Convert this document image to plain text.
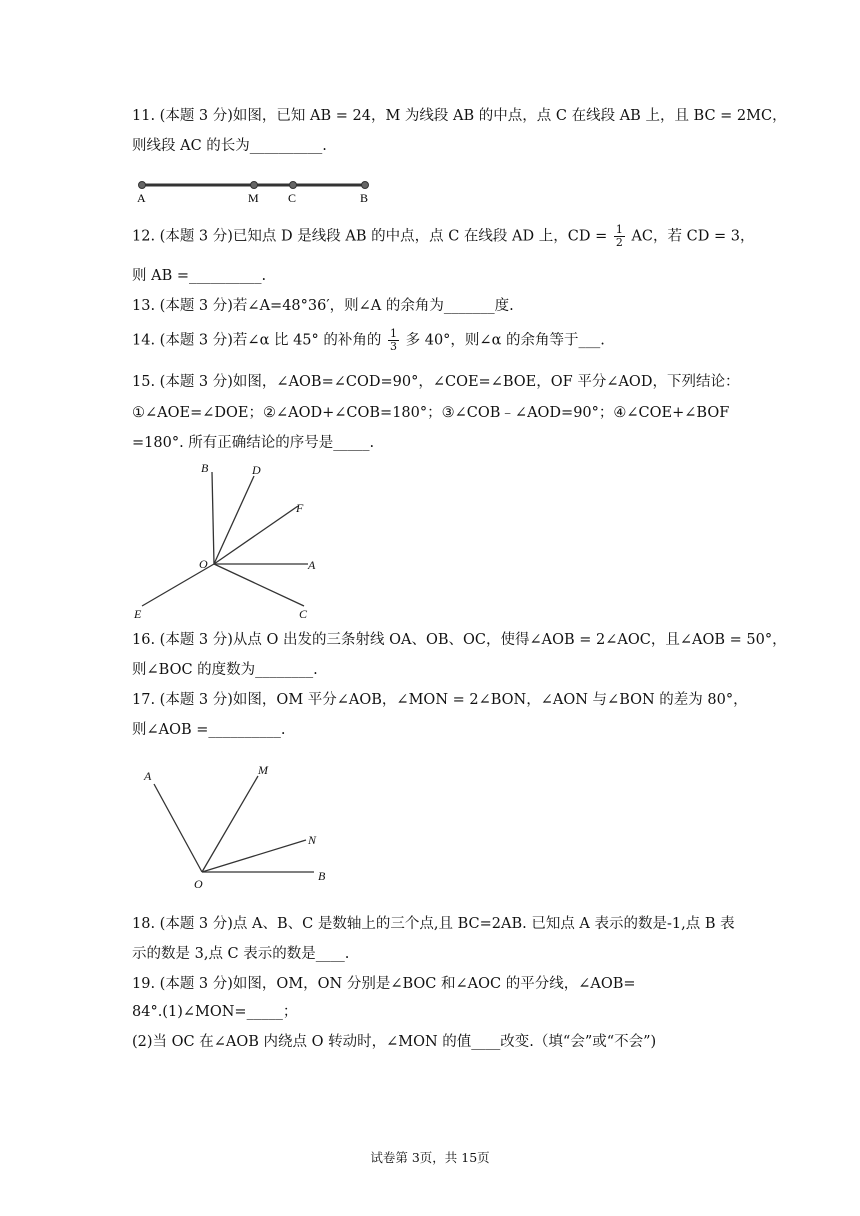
11. (本题 3 分)如图，已知 AB = 24，M 为线段 AB 的中点，点 C 在线段 AB 上，且 BC = 2MC，
则线段 AC 的长为__________.
A	M C	B
12. (本题 3 分)已知点 D 是线段 AB 的中点，点 C 在线段 AD 上，CD = $\frac{1}{2}$ AC，若 CD = 3，
则 AB =__________.
13. (本题 3 分)若∠A=48°36′，则∠A 的余角为_______度.
14. (本题 3 分)若∠α 比 45° 的补角的 $\frac{1}{3}$ 多 40°，则∠α 的余角等于___.
15. (本题 3 分)如图，∠AOB=∠COD=90°，∠COE=∠BOE，OF 平分∠AOD，下列结论：
①∠AOE=∠DOE；②∠AOD+∠COB=180°；③∠COB﹣∠AOD=90°；④∠COE+∠BOF
=180°. 所有正确结论的序号是_____.
B	D
F
O	A
E	C
16. (本题 3 分)从点 O 出发的三条射线 OA、OB、OC，使得∠AOB = 2∠AOC，且∠AOB = 50°，
则∠BOC 的度数为________.
17. (本题 3 分)如图，OM 平分∠AOB，∠MON = 2∠BON，∠AON 与∠BON 的差为 80°，
则∠AOB =__________.
A	M
N
O
B
18. (本题 3 分)点 A、B、C 是数轴上的三个点,且 BC=2AB. 已知点 A 表示的数是-1,点 B 表
示的数是 3,点 C 表示的数是____.
19. (本题 3 分)如图，OM，ON 分别是∠BOC 和∠AOC 的平分线，∠AOB=
84°.(1)∠MON=_____；
(2)当 OC 在∠AOB 内绕点 O 转动时，∠MON 的值____改变.（填“会”或“不会”)
试卷第 3页，共 15页
